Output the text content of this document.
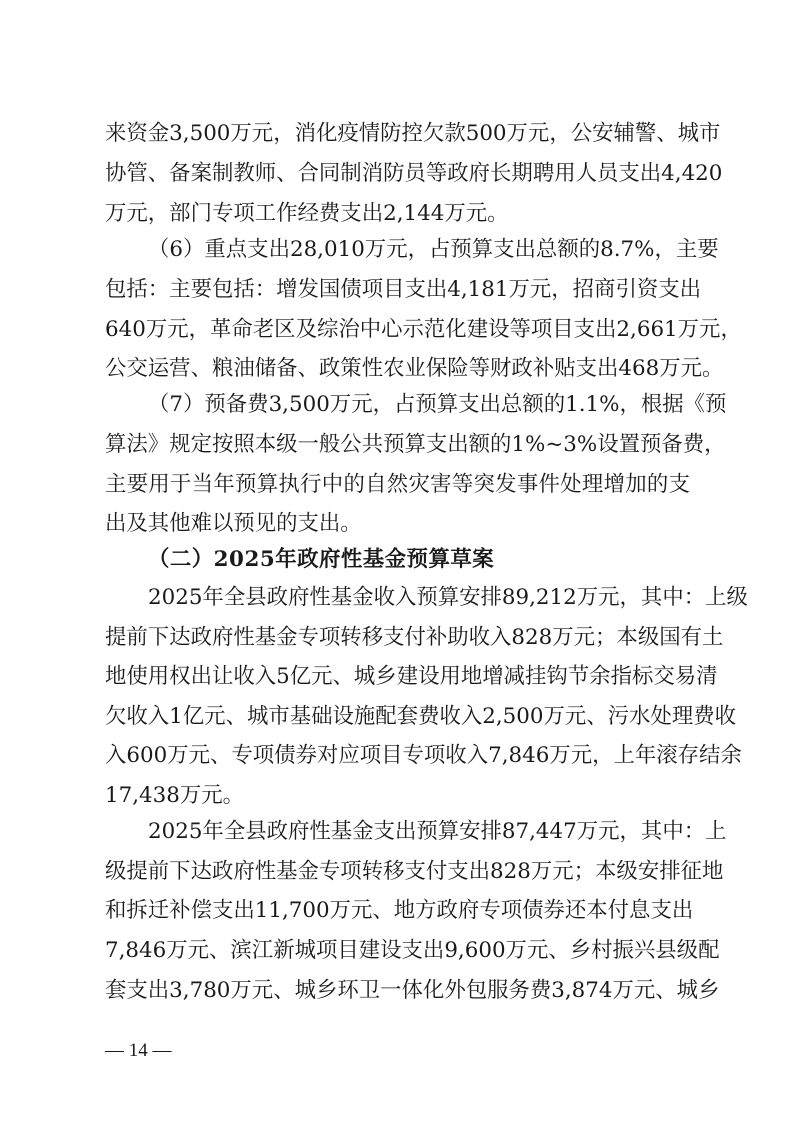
来资金3,500万元，消化疫情防控欠款500万元，公安辅警、城市
协管、备案制教师、合同制消防员等政府长期聘用人员支出4,420
万元，部门专项工作经费支出2,144万元。
（6）重点支出28,010万元，占预算支出总额的8.7%，主要
包括：主要包括：增发国债项目支出4,181万元，招商引资支出
640万元，革命老区及综治中心示范化建设等项目支出2,661万元，
公交运营、粮油储备、政策性农业保险等财政补贴支出468万元。
（7）预备费3,500万元，占预算支出总额的1.1%，根据《预
算法》规定按照本级一般公共预算支出额的1%~3%设置预备费，
主要用于当年预算执行中的自然灾害等突发事件处理增加的支
出及其他难以预见的支出。
（二）2025年政府性基金预算草案
2025年全县政府性基金收入预算安排89,212万元，其中：上级
提前下达政府性基金专项转移支付补助收入828万元；本级国有土
地使用权出让收入5亿元、城乡建设用地增减挂钩节余指标交易清
欠收入1亿元、城市基础设施配套费收入2,500万元、污水处理费收
入600万元、专项债券对应项目专项收入7,846万元，上年滚存结余
17,438万元。
2025年全县政府性基金支出预算安排87,447万元，其中：上
级提前下达政府性基金专项转移支付支出828万元；本级安排征地
和拆迁补偿支出11,700万元、地方政府专项债券还本付息支出
7,846万元、滨江新城项目建设支出9,600万元、乡村振兴县级配
套支出3,780万元、城乡环卫一体化外包服务费3,874万元、城乡
— 14 —
